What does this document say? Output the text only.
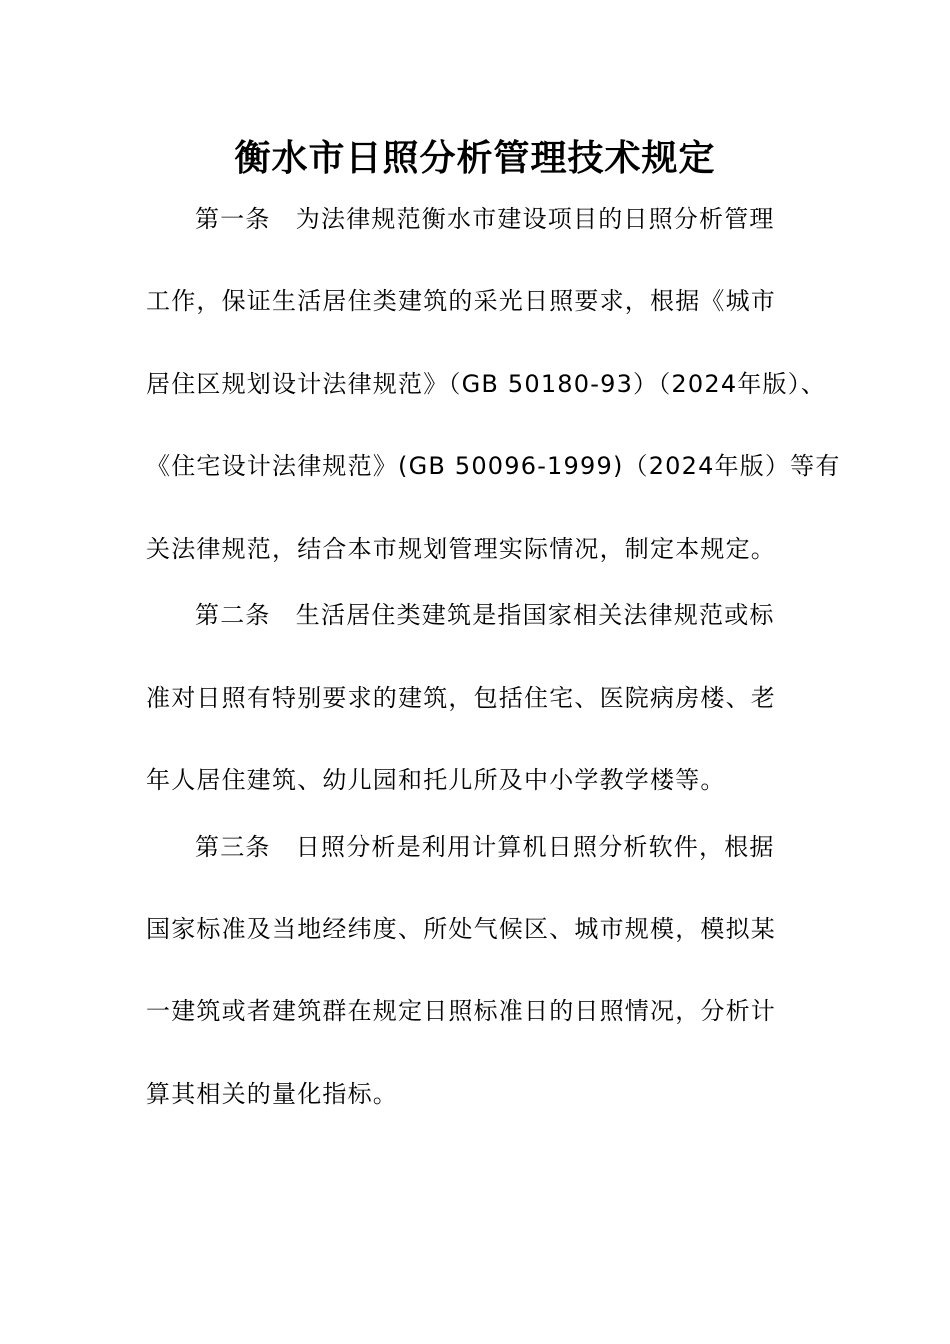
衡水市日照分析管理技术规定
第一条　为法律规范衡水市建设项目的日照分析管理
工作，保证生活居住类建筑的采光日照要求，根据《城市
居住区规划设计法律规范》（GB 50180-93）（2024年版）、
《住宅设计法律规范》(GB 50096-1999)（2024年版）等有
关法律规范，结合本市规划管理实际情况，制定本规定。
第二条　生活居住类建筑是指国家相关法律规范或标
准对日照有特别要求的建筑，包括住宅、医院病房楼、老
年人居住建筑、幼儿园和托儿所及中小学教学楼等。
第三条　日照分析是利用计算机日照分析软件，根据
国家标准及当地经纬度、所处气候区、城市规模，模拟某
一建筑或者建筑群在规定日照标准日的日照情况，分析计
算其相关的量化指标。
